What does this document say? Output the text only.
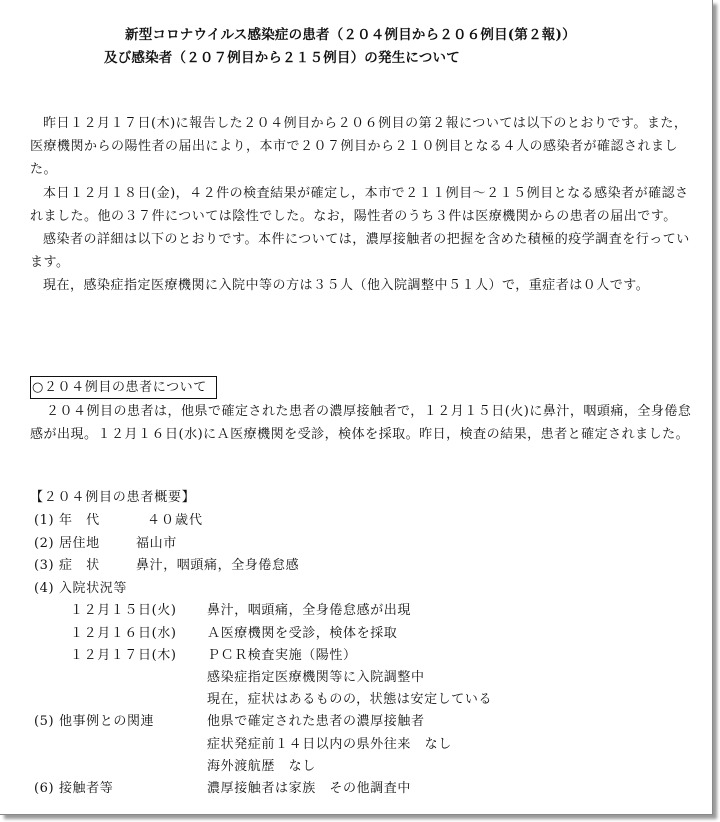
新型コロナウイルス感染症の患者（２０４例目から２０６例目(第２報)）
及び感染者（２０７例目から２１５例目）の発生について

昨日１２月１７日(木)に報告した２０４例目から２０６例目の第２報については以下のとおりです。また，医療機関からの陽性者の届出により，本市で２０７例目から２１０例目となる４人の感染者が確認されました。

本日１２月１８日(金)，４２件の検査結果が確定し，本市で２１１例目～２１５例目となる感染者が確認されました。他の３７件については陰性でした。なお，陽性者のうち３件は医療機関からの患者の届出です。

感染者の詳細は以下のとおりです。本件については，濃厚接触者の把握を含めた積極的疫学調査を行っています。

現在，感染症指定医療機関に入院中等の方は３５人（他入院調整中５１人）で，重症者は０人です。

○２０４例目の患者について

２０４例目の患者は，他県で確定された患者の濃厚接触者で，１２月１５日(火)に鼻汁，咽頭痛，全身倦怠感が出現。１２月１６日(水)にＡ医療機関を受診，検体を採取。昨日，検査の結果，患者と確定されました。

【２０４例目の患者概要】
(1) 年　代	４０歳代
(2) 居住地	福山市
(3) 症　状	鼻汁，咽頭痛，全身倦怠感
(4) 入院状況等
１２月１５日(火) 鼻汁，咽頭痛，全身倦怠感が出現
１２月１６日(水) Ａ医療機関を受診，検体を採取
１２月１７日(木) ＰＣＲ検査実施（陽性）
感染症指定医療機関等に入院調整中
現在，症状はあるものの，状態は安定している
(5) 他事例との関連	他県で確定された患者の濃厚接触者
症状発症前１４日以内の県外往来　なし
海外渡航歴　なし
(6) 接触者等	濃厚接触者は家族　その他調査中
